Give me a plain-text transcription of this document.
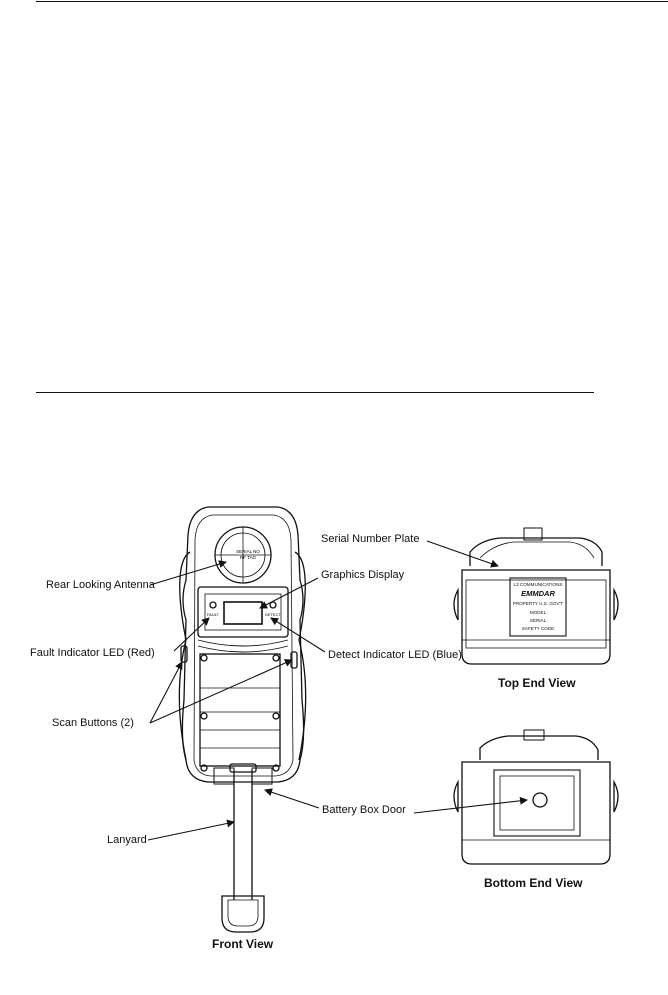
SERIAL NO
RF TAG
FAULT	DETECT
L3 COMMUNICATIONS
EMMDAR
PROPERTY U.S. GOV'T
MODEL
SERIAL
SAFETY CODE
Rear Looking Antenna
Serial Number Plate
Graphics Display
Fault Indicator LED (Red)	Detect Indicator LED (Blue)
Scan Buttons (2)
Battery Box Door
Lanyard
Top End View
Bottom End View
Front View
